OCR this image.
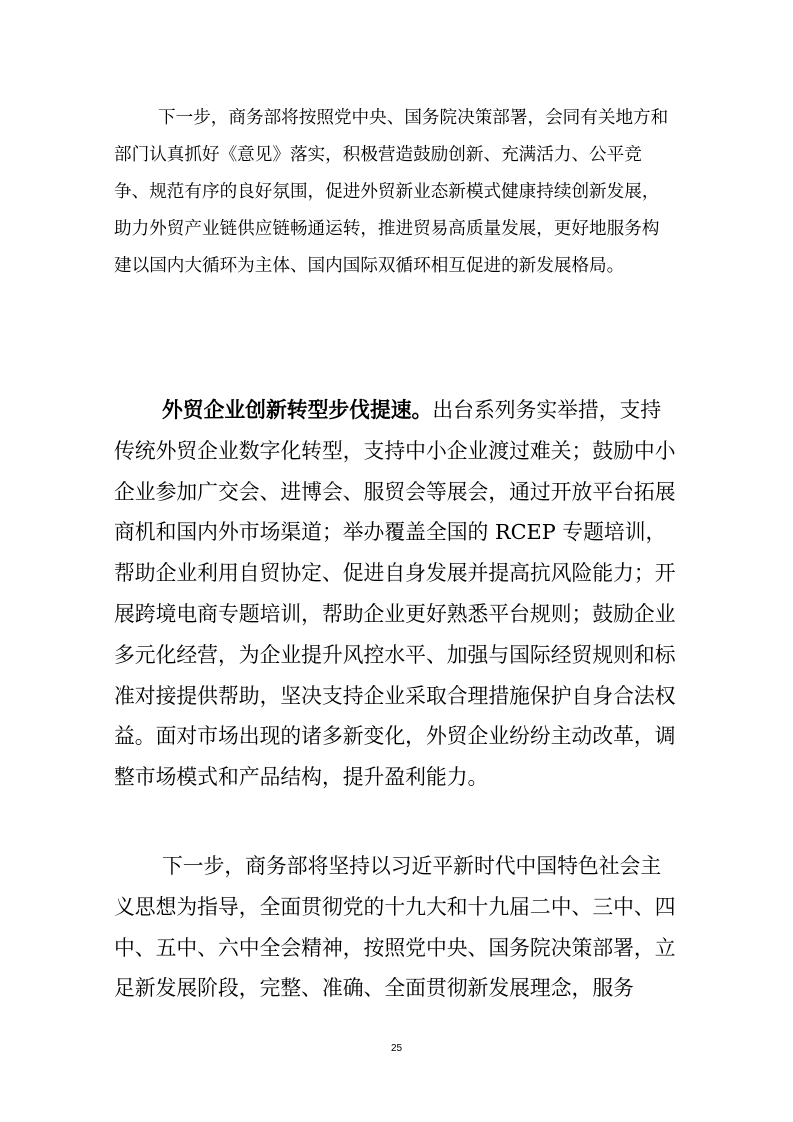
下一步，商务部将按照党中央、国务院决策部署，会同有关地方和部门认真抓好《意见》落实，积极营造鼓励创新、充满活力、公平竞争、规范有序的良好氛围，促进外贸新业态新模式健康持续创新发展，助力外贸产业链供应链畅通运转，推进贸易高质量发展，更好地服务构建以国内大循环为主体、国内国际双循环相互促进的新发展格局。

外贸企业创新转型步伐提速。出台系列务实举措，支持传统外贸企业数字化转型，支持中小企业渡过难关；鼓励中小企业参加广交会、进博会、服贸会等展会，通过开放平台拓展商机和国内外市场渠道；举办覆盖全国的 RCEP 专题培训，帮助企业利用自贸协定、促进自身发展并提高抗风险能力；开展跨境电商专题培训，帮助企业更好熟悉平台规则；鼓励企业多元化经营，为企业提升风控水平、加强与国际经贸规则和标准对接提供帮助，坚决支持企业采取合理措施保护自身合法权益。面对市场出现的诸多新变化，外贸企业纷纷主动改革，调整市场模式和产品结构，提升盈利能力。

下一步，商务部将坚持以习近平新时代中国特色社会主义思想为指导，全面贯彻党的十九大和十九届二中、三中、四中、五中、六中全会精神，按照党中央、国务院决策部署，立足新发展阶段，完整、准确、全面贯彻新发展理念，服务

25
